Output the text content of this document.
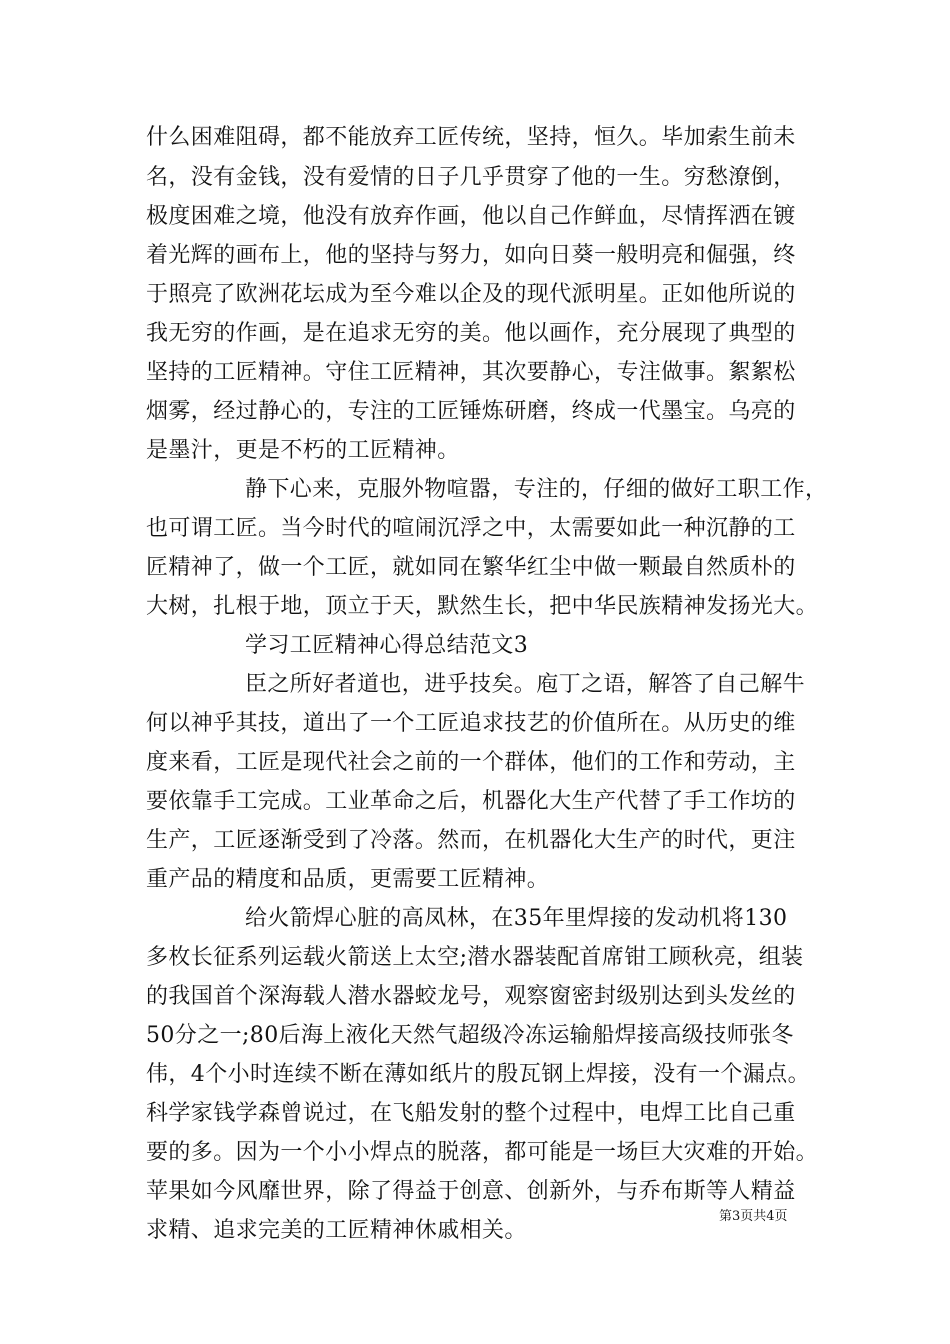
什么困难阻碍，都不能放弃工匠传统，坚持，恒久。毕加索生前未
名，没有金钱，没有爱情的日子几乎贯穿了他的一生。穷愁潦倒，
极度困难之境，他没有放弃作画，他以自己作鲜血，尽情挥洒在镀
着光辉的画布上，他的坚持与努力，如向日葵一般明亮和倔强，终
于照亮了欧洲花坛成为至今难以企及的现代派明星。正如他所说的
我无穷的作画，是在追求无穷的美。他以画作，充分展现了典型的
坚持的工匠精神。守住工匠精神，其次要静心，专注做事。絮絮松
烟雾，经过静心的，专注的工匠锤炼研磨，终成一代墨宝。乌亮的
是墨汁，更是不朽的工匠精神。
静下心来，克服外物喧嚣，专注的，仔细的做好工职工作，
也可谓工匠。当今时代的喧闹沉浮之中，太需要如此一种沉静的工
匠精神了，做一个工匠，就如同在繁华红尘中做一颗最自然质朴的
大树，扎根于地，顶立于天，默然生长，把中华民族精神发扬光大。
学习工匠精神心得总结范文3
臣之所好者道也，进乎技矣。庖丁之语，解答了自己解牛
何以神乎其技，道出了一个工匠追求技艺的价值所在。从历史的维
度来看，工匠是现代社会之前的一个群体，他们的工作和劳动，主
要依靠手工完成。工业革命之后，机器化大生产代替了手工作坊的
生产，工匠逐渐受到了冷落。然而，在机器化大生产的时代，更注
重产品的精度和品质，更需要工匠精神。
给火箭焊心脏的高凤林，在35年里焊接的发动机将130
多枚长征系列运载火箭送上太空;潜水器装配首席钳工顾秋亮，组装
的我国首个深海载人潜水器蛟龙号，观察窗密封级别达到头发丝的
50分之一;80后海上液化天然气超级冷冻运输船焊接高级技师张冬
伟，4个小时连续不断在薄如纸片的殷瓦钢上焊接，没有一个漏点。
科学家钱学森曾说过，在飞船发射的整个过程中，电焊工比自己重
要的多。因为一个小小焊点的脱落，都可能是一场巨大灾难的开始。
苹果如今风靡世界，除了得益于创意、创新外，与乔布斯等人精益
求精、追求完美的工匠精神休戚相关。
第3页共4页
